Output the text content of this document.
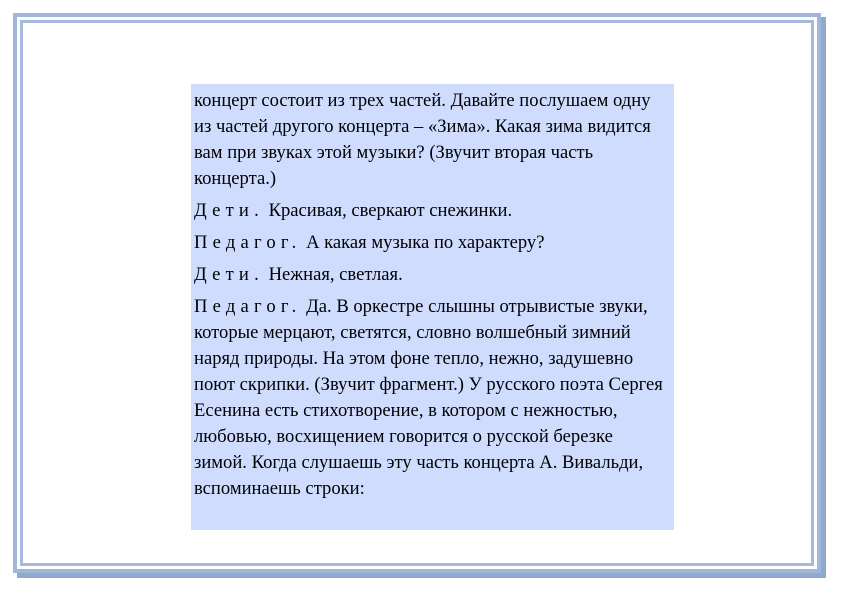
концерт состоит из трех частей. Давайте послушаем одну из частей другого концерта – «Зима». Какая зима видится вам при звуках этой музыки? (Звучит вторая часть концерта.)

Дети. Красивая, сверкают снежинки.

Педагог. А какая музыка по характеру?

Дети. Нежная, светлая.

Педагог. Да. В оркестре слышны отрывистые звуки, которые мерцают, светятся, словно волшебный зимний наряд природы. На этом фоне тепло, нежно, задушевно поют скрипки. (Звучит фрагмент.) У русского поэта Сергея Есенина есть стихотворение, в котором с нежностью, любовью, восхищением говорится о русской березке зимой. Когда слушаешь эту часть концерта А. Вивальди, вспоминаешь строки:
